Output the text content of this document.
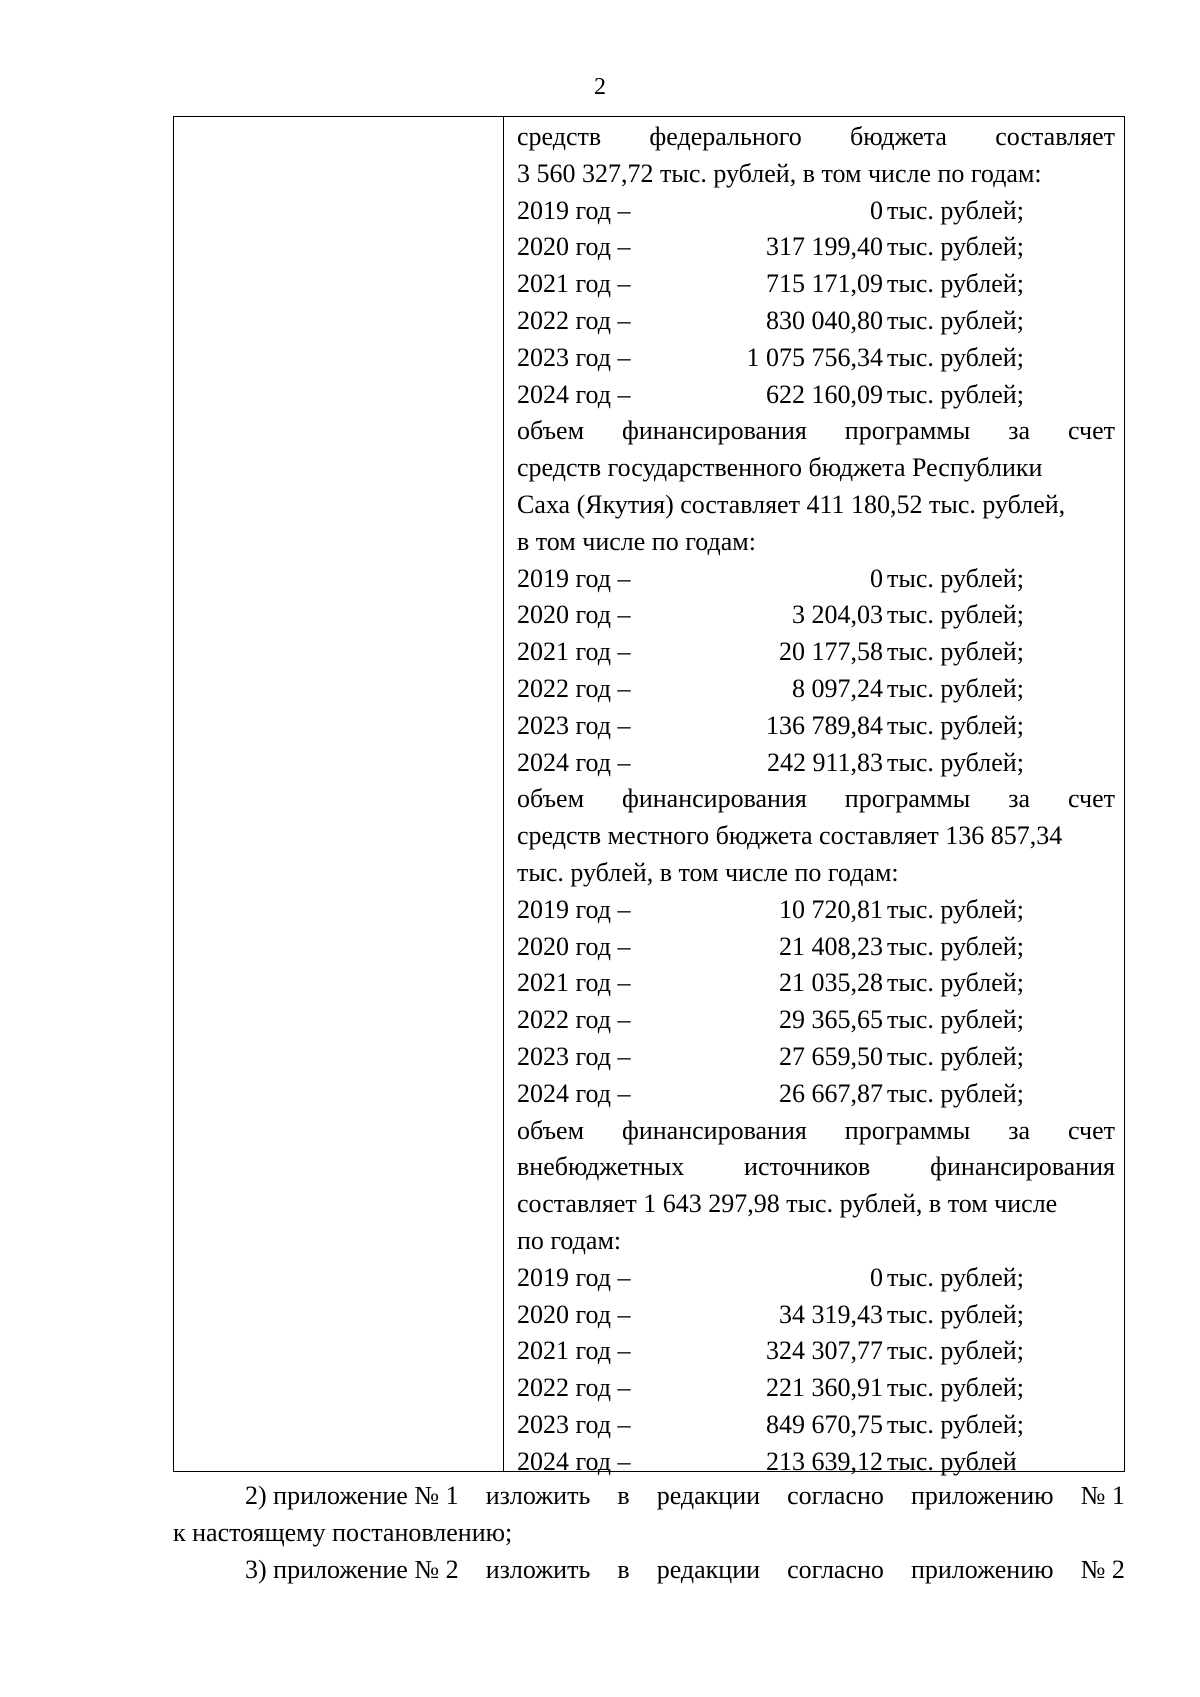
2
средств федерального бюджета составляет
3 560 327,72 тыс. рублей, в том числе по годам:
2019 год –	0 тыс. рублей;
2020 год –	317 199,40 тыс. рублей;
2021 год –	715 171,09 тыс. рублей;
2022 год –	830 040,80 тыс. рублей;
2023 год –	1 075 756,34 тыс. рублей;
2024 год –	622 160,09 тыс. рублей;
объем финансирования программы за счет
средств государственного бюджета Республики
Саха (Якутия) составляет 411 180,52 тыс. рублей,
в том числе по годам:
2019 год –	0 тыс. рублей;
2020 год –	3 204,03 тыс. рублей;
2021 год –	20 177,58 тыс. рублей;
2022 год –	8 097,24 тыс. рублей;
2023 год –	136 789,84 тыс. рублей;
2024 год –	242 911,83 тыс. рублей;
объем финансирования программы за счет
средств местного бюджета составляет 136 857,34
тыс. рублей, в том числе по годам:
2019 год –	10 720,81 тыс. рублей;
2020 год –	21 408,23 тыс. рублей;
2021 год –	21 035,28 тыс. рублей;
2022 год –	29 365,65 тыс. рублей;
2023 год –	27 659,50 тыс. рублей;
2024 год –	26 667,87 тыс. рублей;
объем финансирования программы за счет
внебюджетных источников финансирования
составляет 1 643 297,98 тыс. рублей, в том числе
по годам:
2019 год –	0 тыс. рублей;
2020 год –	34 319,43 тыс. рублей;
2021 год –	324 307,77 тыс. рублей;
2022 год –	221 360,91 тыс. рублей;
2023 год –	849 670,75 тыс. рублей;
2024 год –	213 639,12 тыс. рублей
2) приложение № 1 изложить в редакции согласно приложению № 1
к настоящему постановлению;
3) приложение № 2 изложить в редакции согласно приложению № 2
